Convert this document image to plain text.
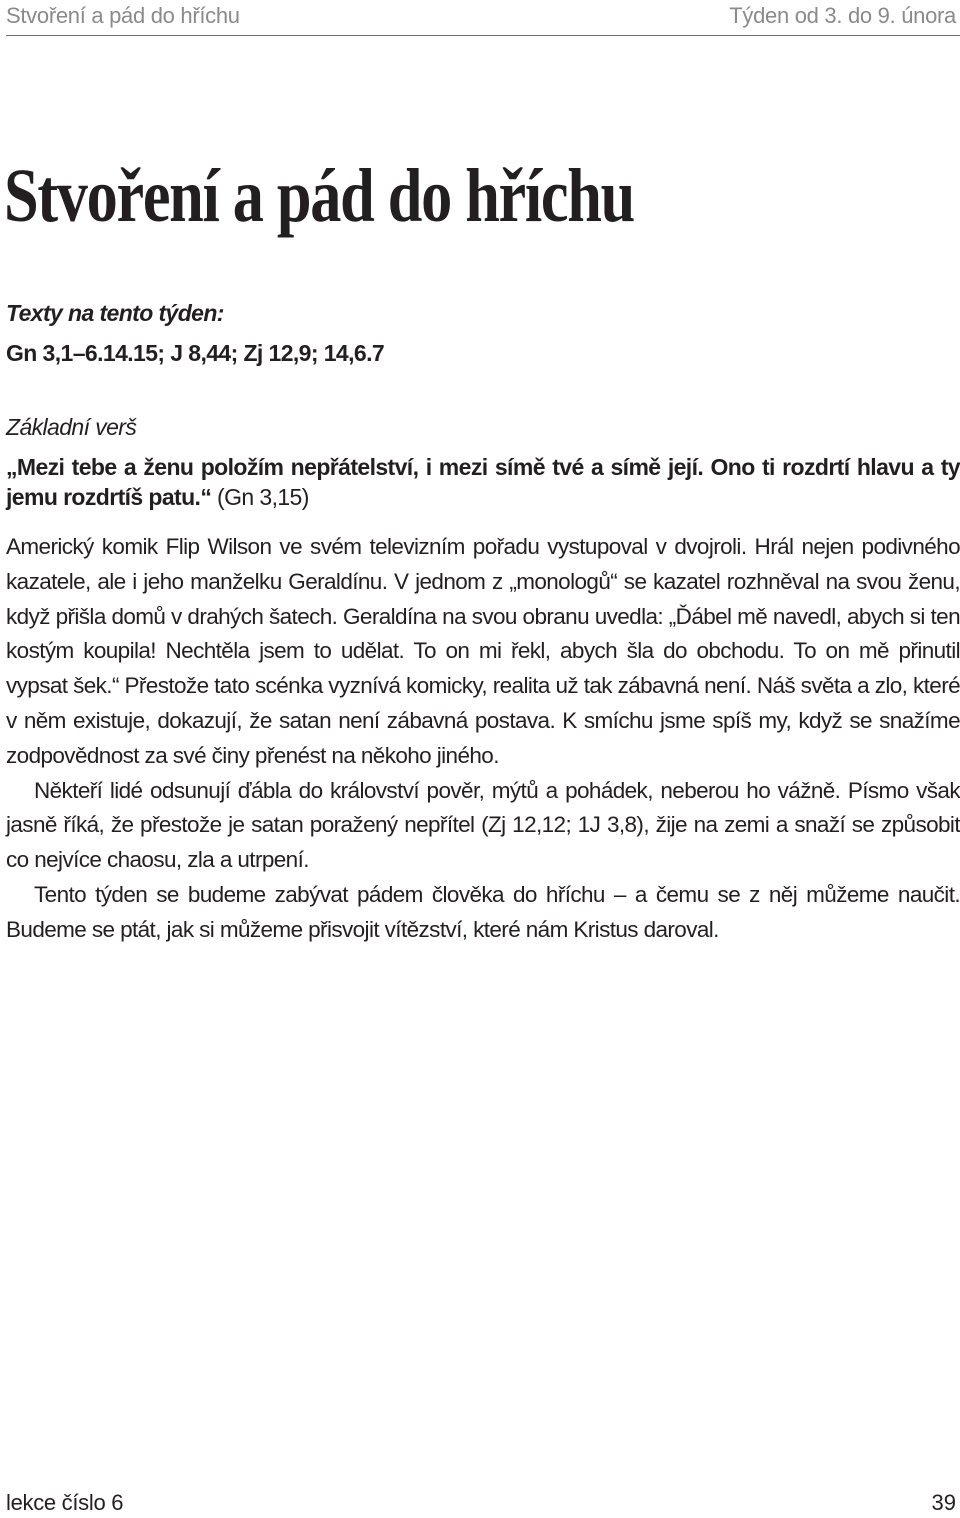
Stvoření a pád do hříchu	Týden od 3. do 9. února
Stvoření a pád do hříchu

Texty na tento týden:

Gn 3,1–6.14.15; J 8,44; Zj 12,9; 14,6.7

Základní verš

„Mezi tebe a ženu položím nepřátelství, i mezi símě tvé a símě její. Ono ti rozdrtí hlavu a ty jemu rozdrtíš patu.“ (Gn 3,15)

Americký komik Flip Wilson ve svém televizním pořadu vystupoval v dvojroli. Hrál nejen podivného kazatele, ale i jeho manželku Geraldínu. V jednom z „monologů“ se kazatel rozhněval na svou ženu, když přišla domů v drahých šatech. Geraldína na svou obranu uvedla: „Ďábel mě navedl, abych si ten kostým koupila! Nechtěla jsem to udělat. To on mi řekl, abych šla do obchodu. To on mě přinutil vypsat šek.“ Přestože tato scénka vyznívá komicky, realita už tak zábavná není. Náš světa a zlo, které v něm existuje, dokazují, že satan není zábavná postava. K smíchu jsme spíš my, když se snažíme zodpovědnost za své činy přenést na někoho jiného.

Někteří lidé odsunují ďábla do království pověr, mýtů a pohádek, neberou ho vážně. Písmo však jasně říká, že přestože je satan poražený nepřítel (Zj 12,12; 1J 3,8), žije na zemi a snaží se způsobit co nejvíce chaosu, zla a utrpení.

Tento týden se budeme zabývat pádem člověka do hříchu – a čemu se z něj můžeme naučit. Budeme se ptát, jak si můžeme přisvojit vítězství, které nám Kristus daroval.

lekce číslo 6	39
